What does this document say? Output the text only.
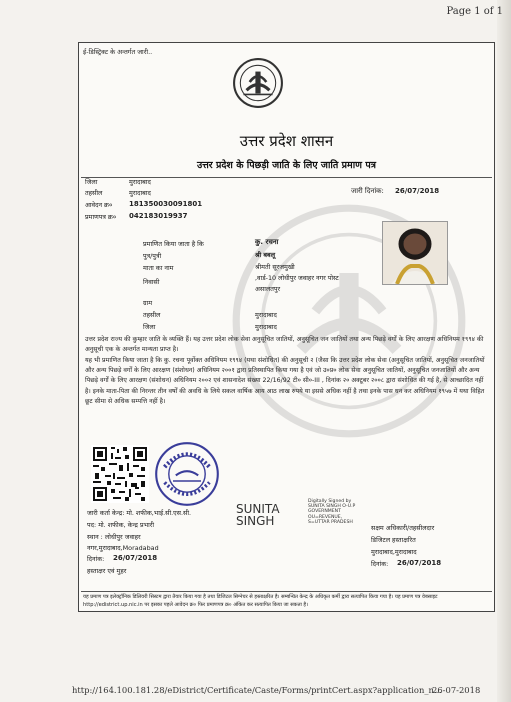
Page 1 of 1
ई-डिस्ट्रिक्ट के अन्तर्गत जारी..
उत्तर प्रदेश शासन
उत्तर प्रदेश के पिछड़ी जाति के लिए जाति प्रमाण पत्र
जिला	मुरादाबाद
तहसील	मुरादाबाद
आवेदन क्र० 181350030091801
प्रमाणपत्र क्र० 042183019937
जारी दिनांक: 26/07/2018
प्रमाणित किया जाता है कि	कु. रचना
पुत्र/पुत्री	श्री बबलू
माता का नाम	श्रीमती सूरजमुखी
निवासी	,वार्ड-10 लोधीपुर जवाहर नगर पोस्ट
असालतपुर
ग्राम
तहसील	मुरादाबाद
जिला	मुरादाबाद
उत्तर प्रदेश राज्य की कुम्हार जाति के व्यक्ति हैं। यह उत्तर प्रदेश लोक सेवा अनुसूचित जातियों, अनुसूचित जन जातियों तथा अन्य पिछड़े वर्गों के लिए आरक्षण अधिनियम १९९४ की अनुसूची एक के अन्तर्गत मान्यता प्राप्त है।
यह भी प्रमाणित किया जाता है कि कु. रचना पूर्वोक्त अधिनियम १९९४ (यथा संशोधित) की अनुसूची २ (जैसा कि उत्तर प्रदेश लोक सेवा (अनुसूचित जातियों, अनुसूचित जनजातियों और अन्य पिछड़े वर्गों के लिए आरक्षण (संशोधन) अधिनियम २००१ द्वारा प्रतिस्थापित किया गया है एवं जो उ०प्र० लोक सेवा अनुसूचित जातियों, अनुसूचित जनजातियों और अन्य पिछड़े वर्गों के लिए आरक्षण (संशोधन) अधिनियम २००२ एवं शासनादेश संख्या 22/16/92 टी० सी०-III , दिनांक २० अक्टूबर २००८ द्वारा संशोधित की गई है, से आच्छादित नहीं है। इनके माता-पिता की निरन्तर तीन वर्षों की अवधि के लिये सकल वार्षिक आय आठ लाख रुपये या इससे अधिक नहीं है तथा इनके पास धन कर अधिनियम १९५७ में यथा विहित छूट सीमा से अधिक सम्पत्ति नहीं है।
जारी कर्ता केन्द्र: मो. शफीक,भाई.सी.एस.सी.
पद: मो. शफीक, केन्द्र प्रभारी
स्थान : लोधीपुर जवाहर
नगर,मुरादाबाद,Moradabad
दिनांक: 26/07/2018
हस्ताक्षर एवं मुहर
SUNITA
SINGH
Digitally Signed by
SUNITA SINGH O-U.P
GOVERNMENT
OU=REVENUE,
S=UTTAR PRADESH
सक्षम अधिकारी/तहसीलदार
डिजिटल हस्ताक्षरित
मुरादाबाद,मुरादाबाद
दिनांक: 26/07/2018
यह प्रमाण पत्र इलेक्ट्रॉनिक डिलिवरी सिस्टम द्वारा तैयार किया गया है तथा डिजिटल सिग्नेचर से हस्ताक्षरित है। सम्बन्धित केन्द्र के अधिकृत कर्मी द्वारा सत्यापित किया गया है। यह प्रमाण पत्र वेबसाइट http://edistrict.up.nic.in पर इसका पहले आवेदन क्र० फिर प्रमाणपत्र क्र० अंकित कर सत्यापित किया जा सकता है।
http://164.100.181.28/eDistrict/Certificate/Caste/Forms/printCert.aspx?application_n...
26-07-2018
